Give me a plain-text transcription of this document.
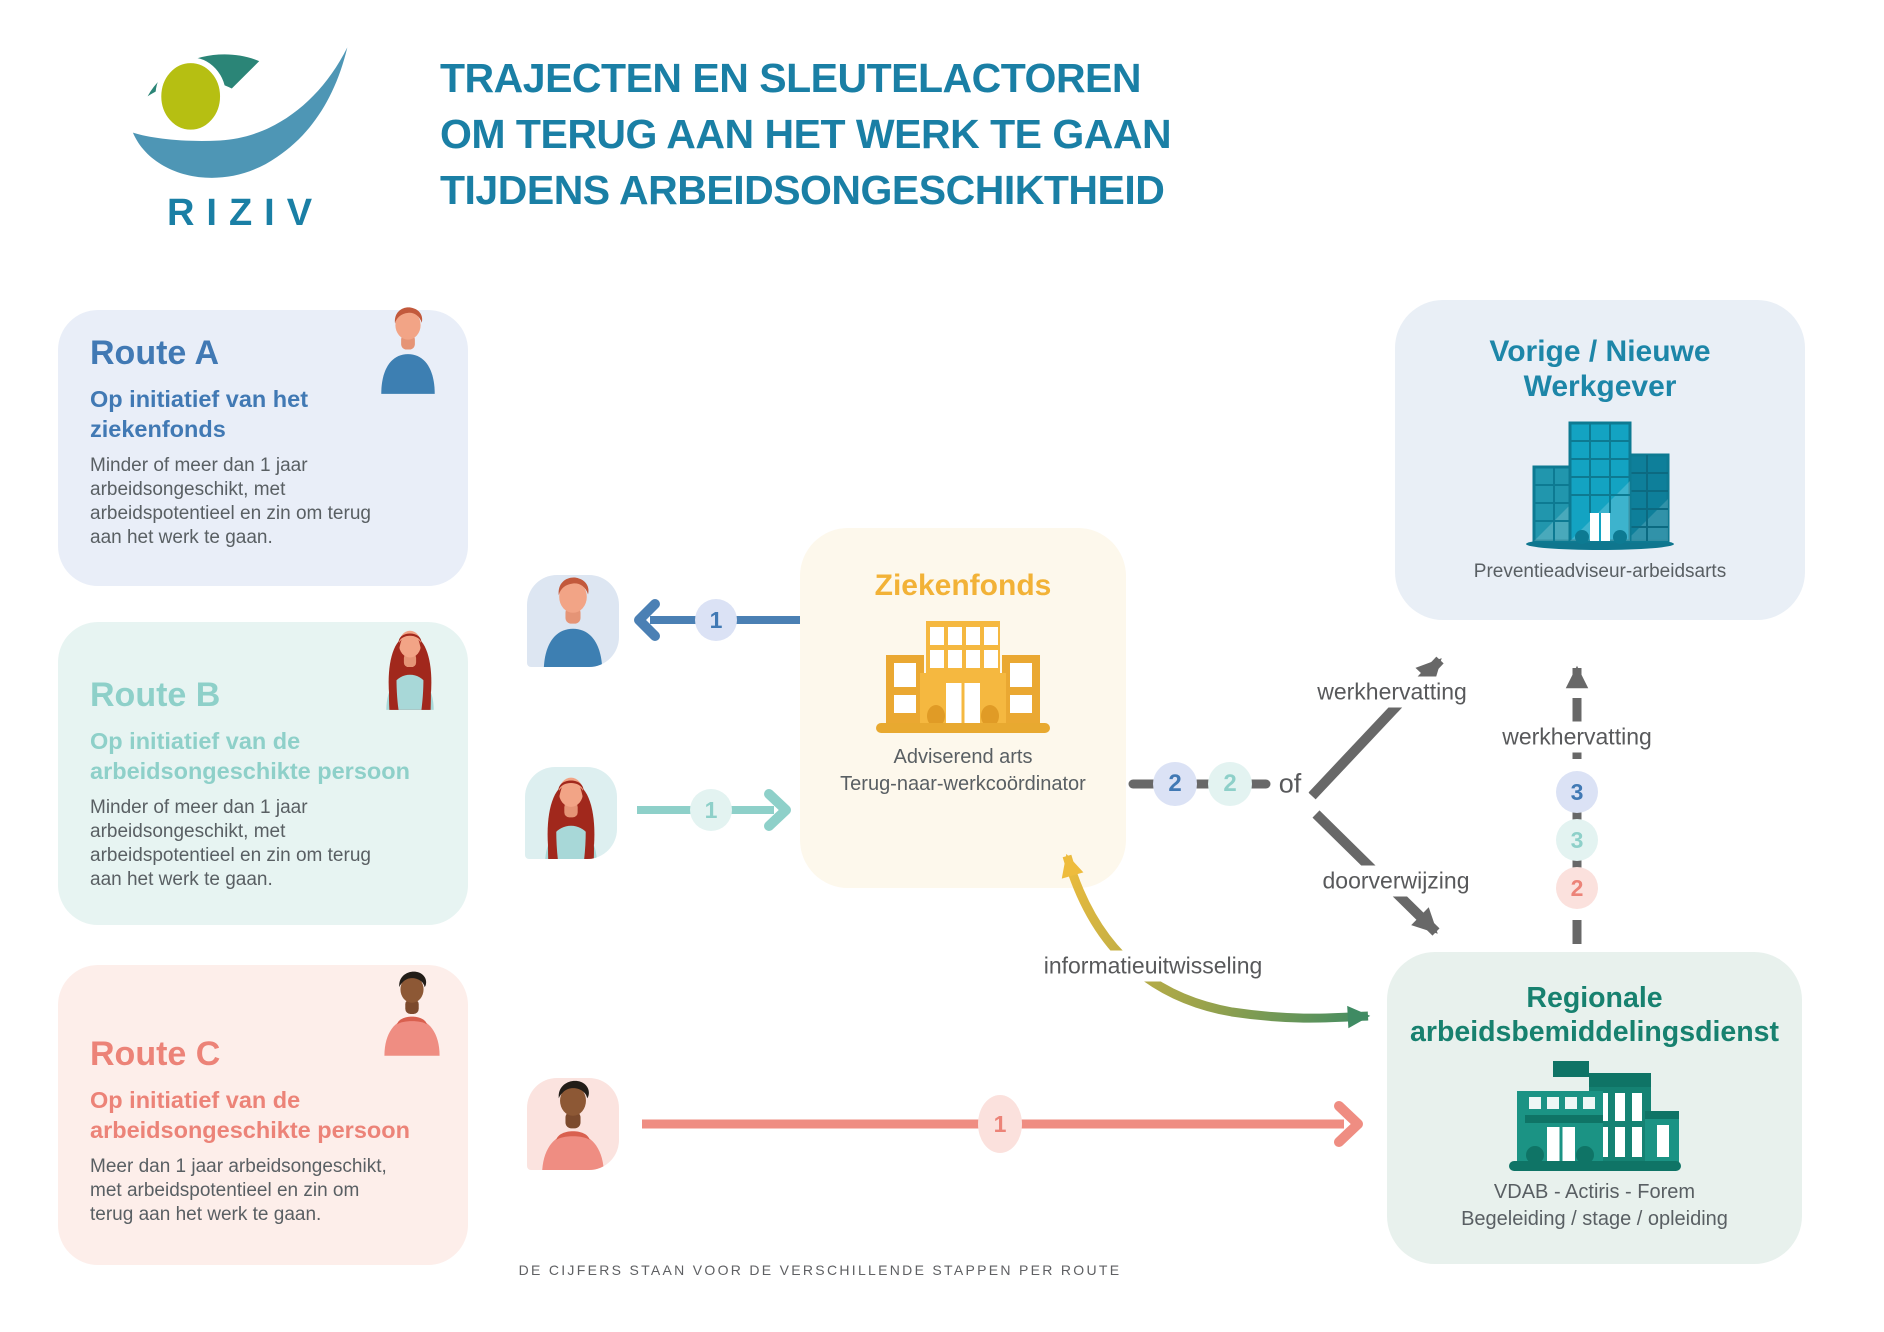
RIZIV
TRAJECTEN EN SLEUTELACTOREN
OM TERUG AAN HET WERK TE GAAN
TIJDENS ARBEIDSONGESCHIKTHEID
Route A
Op initiatief van het ziekenfonds
Minder of meer dan 1 jaar arbeidsongeschikt, met arbeidspotentieel en zin om terug aan het werk te gaan.
Route B
Op initiatief van de arbeidsongeschikte persoon
Minder of meer dan 1 jaar arbeidsongeschikt, met arbeidspotentieel en zin om terug aan het werk te gaan.
Route C
Op initiatief van de arbeidsongeschikte persoon
Meer dan 1 jaar arbeidsongeschikt, met arbeidspotentieel en zin om terug aan het werk te gaan.
Ziekenfonds
Adviserend arts
Terug-naar-werkcoördinator
Vorige / Nieuwe Werkgever
Preventieadviseur-arbeidsarts
Regionale arbeidsbemiddelingsdienst
VDAB - Actiris - Forem
Begeleiding / stage / opleiding
of
werkhervatting
doorverwijzing
werkhervatting
informatieuitwisseling
1
1
1
2	2	3
3
2
DE CIJFERS STAAN VOOR DE VERSCHILLENDE STAPPEN PER ROUTE
